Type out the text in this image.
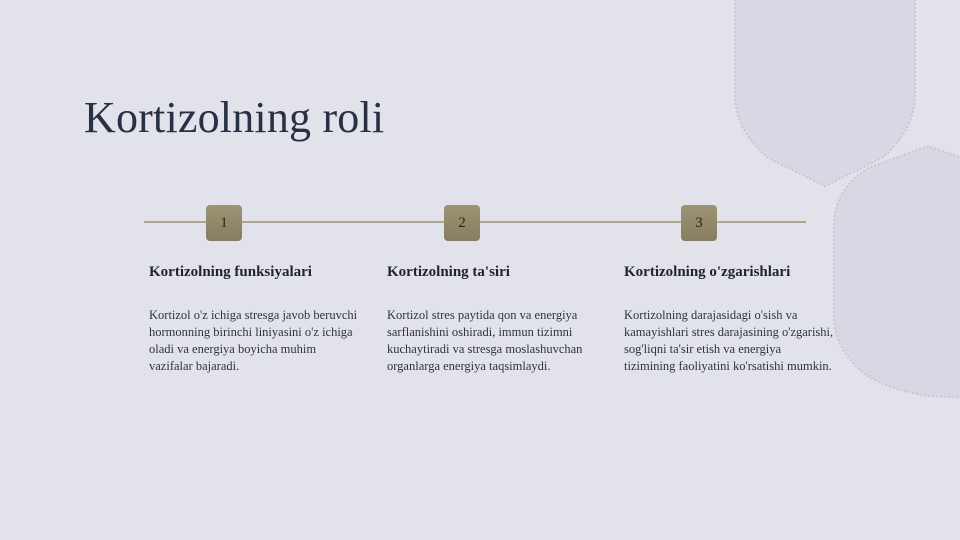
Kortizolning roli
1	2	3
Kortizolning funksiyalari

Kortizol o'z ichiga stresga javob beruvchi hormonning birinchi liniyasini o'z ichiga oladi va energiya boyicha muhim vazifalar bajaradi.

Kortizolning ta'siri

Kortizol stres paytida qon va energiya sarflanishini oshiradi, immun tizimni kuchaytiradi va stresga moslashuvchan organlarga energiya taqsimlaydi.

Kortizolning o'zgarishlari

Kortizolning darajasidagi o'sish va kamayishlari stres darajasining o'zgarishi, sog'liqni ta'sir etish va energiya tizimining faoliyatini ko'rsatishi mumkin.
